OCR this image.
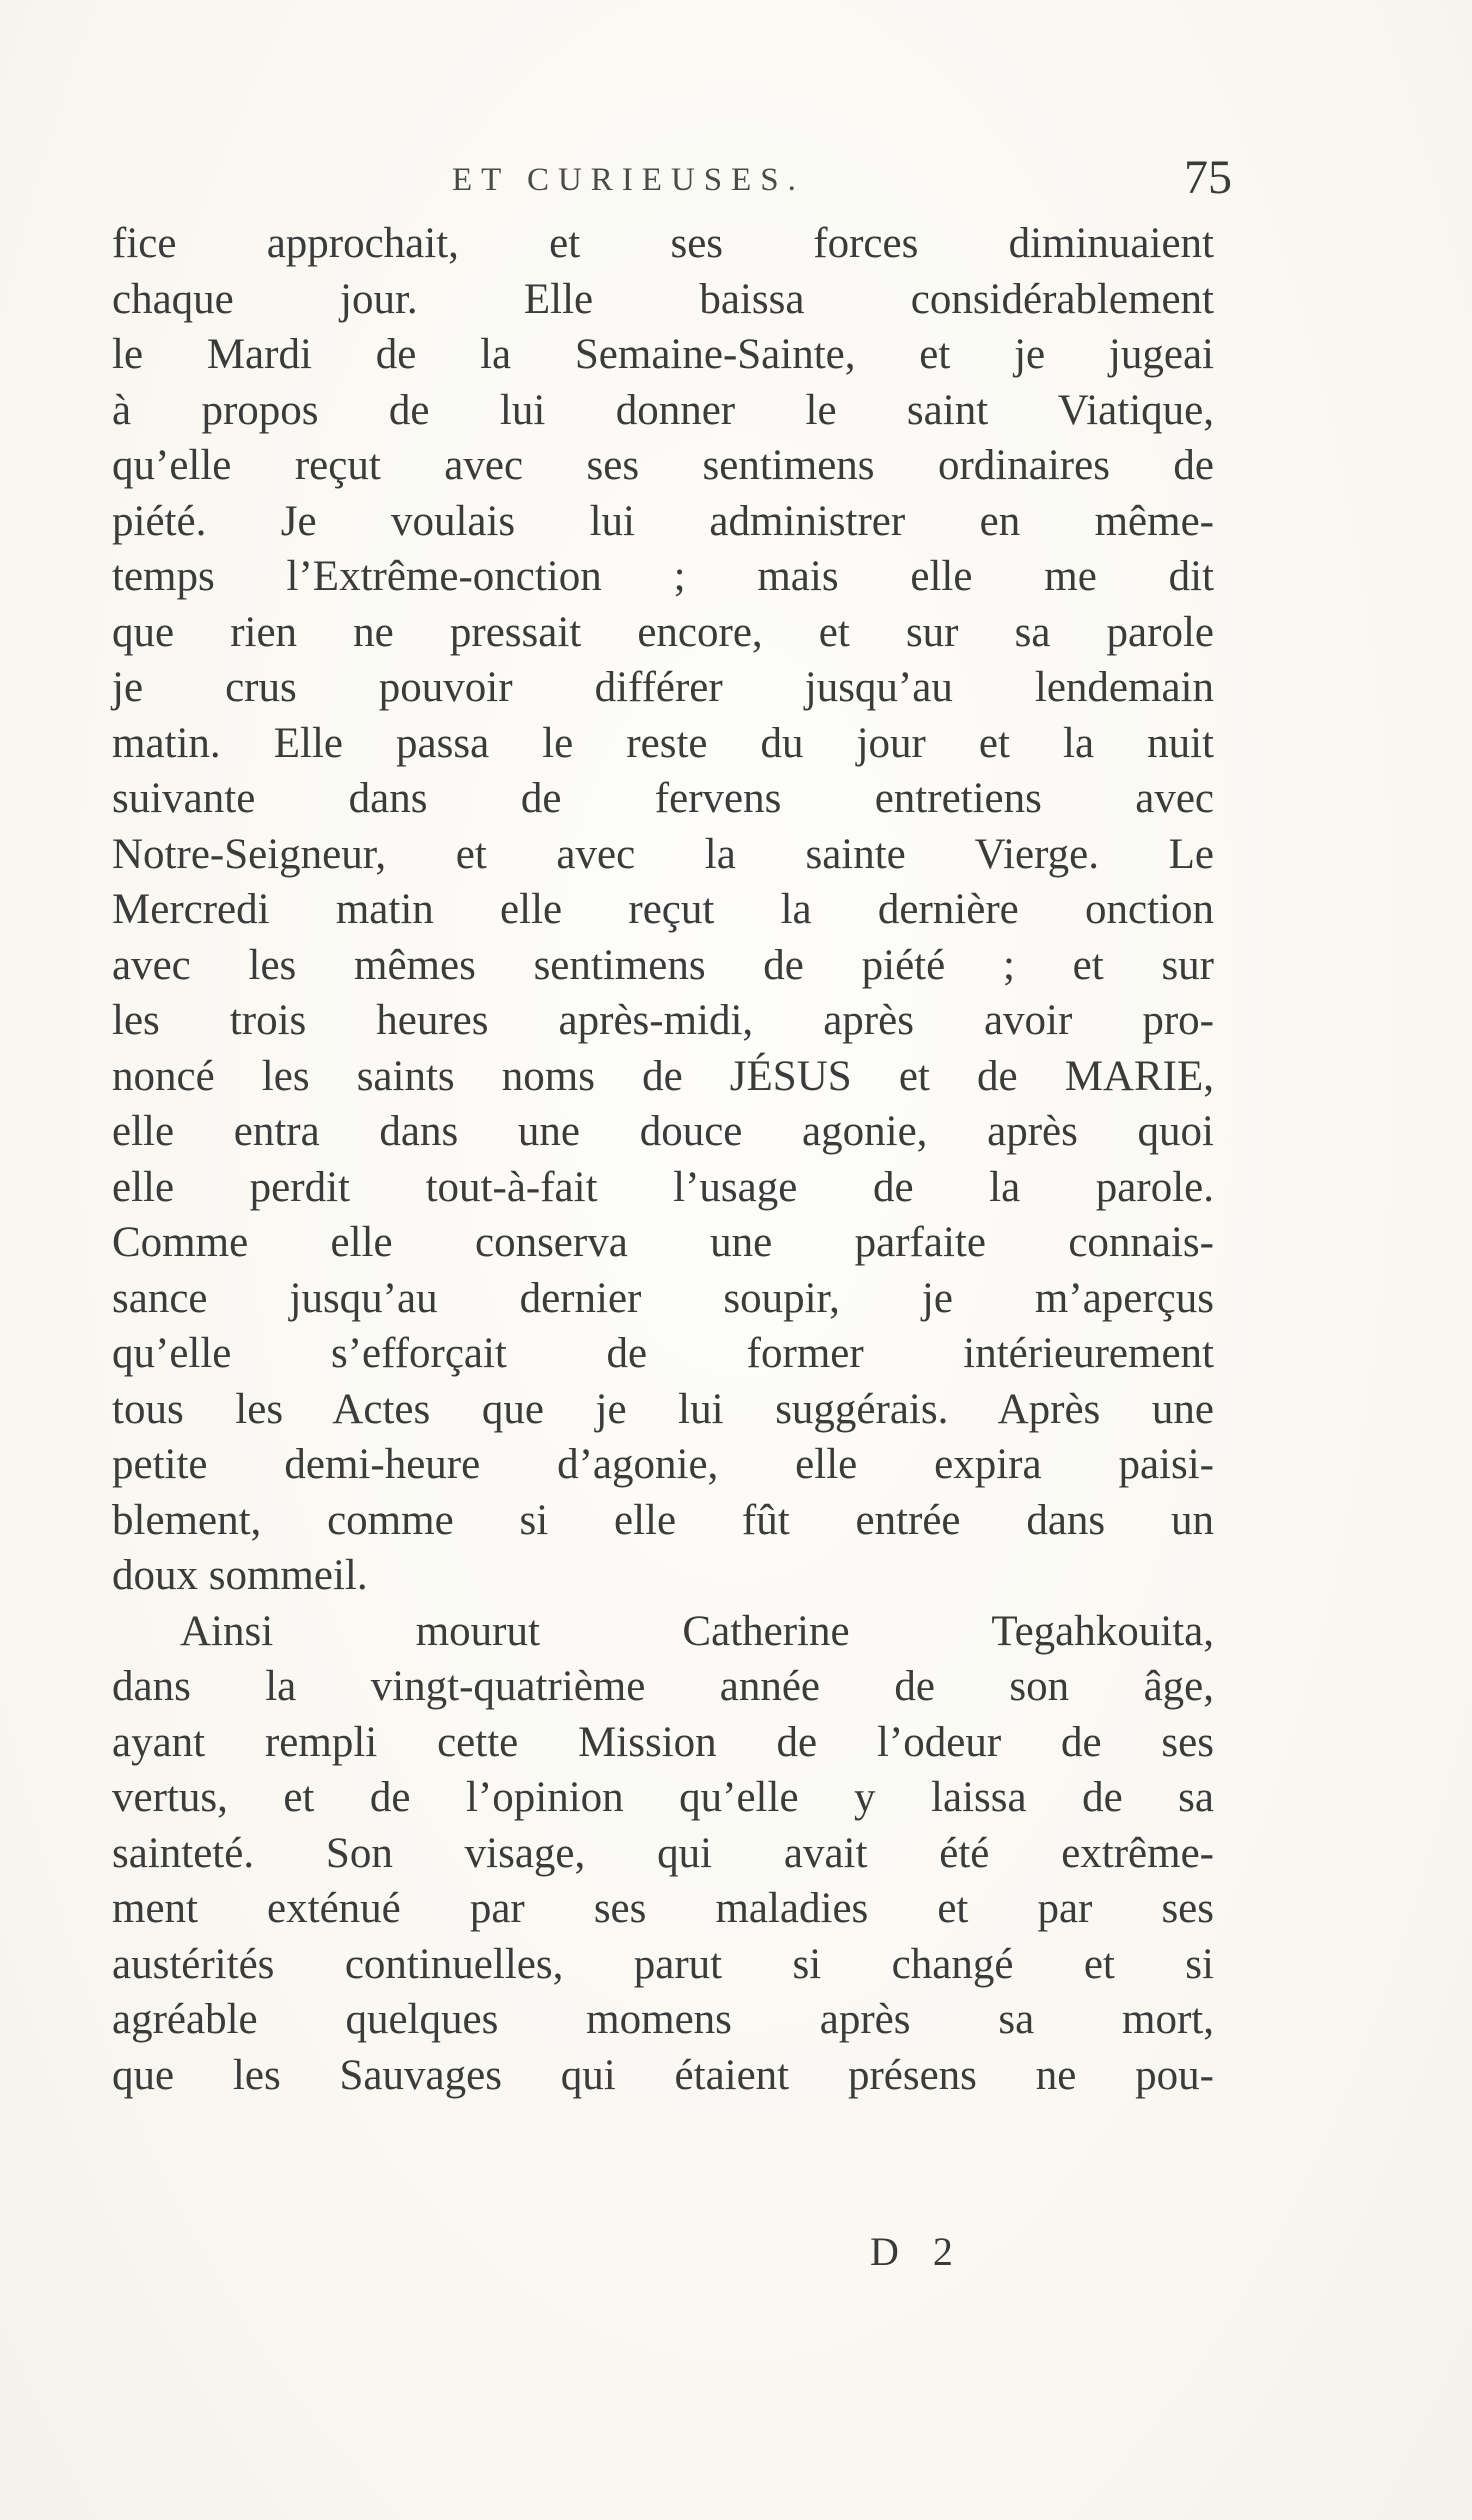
ET CURIEUSES.	75
fice approchait, et ses forces diminuaient
chaque jour. Elle baissa considérablement
le Mardi de la Semaine-Sainte, et je jugeai
à propos de lui donner le saint Viatique,
qu’elle reçut avec ses sentimens ordinaires de
piété. Je voulais lui administrer en même-
temps l’Extrême-onction ; mais elle me dit
que rien ne pressait encore, et sur sa parole
je crus pouvoir différer jusqu’au lendemain
matin. Elle passa le reste du jour et la nuit
suivante dans de fervens entretiens avec
Notre-Seigneur, et avec la sainte Vierge. Le
Mercredi matin elle reçut la dernière onction
avec les mêmes sentimens de piété ; et sur
les trois heures après-midi, après avoir pro-
noncé les saints noms de JÉSUS et de MARIE,
elle entra dans une douce agonie, après quoi
elle perdit tout-à-fait l’usage de la parole.
Comme elle conserva une parfaite connais-
sance jusqu’au dernier soupir, je m’aperçus
qu’elle s’efforçait de former intérieurement
tous les Actes que je lui suggérais. Après une
petite demi-heure d’agonie, elle expira paisi-
blement, comme si elle fût entrée dans un
doux sommeil.
Ainsi mourut Catherine Tegahkouita,
dans la vingt-quatrième année de son âge,
ayant rempli cette Mission de l’odeur de ses
vertus, et de l’opinion qu’elle y laissa de sa
sainteté. Son visage, qui avait été extrême-
ment exténué par ses maladies et par ses
austérités continuelles, parut si changé et si
agréable quelques momens après sa mort,
que les Sauvages qui étaient présens ne pou-
D 2
